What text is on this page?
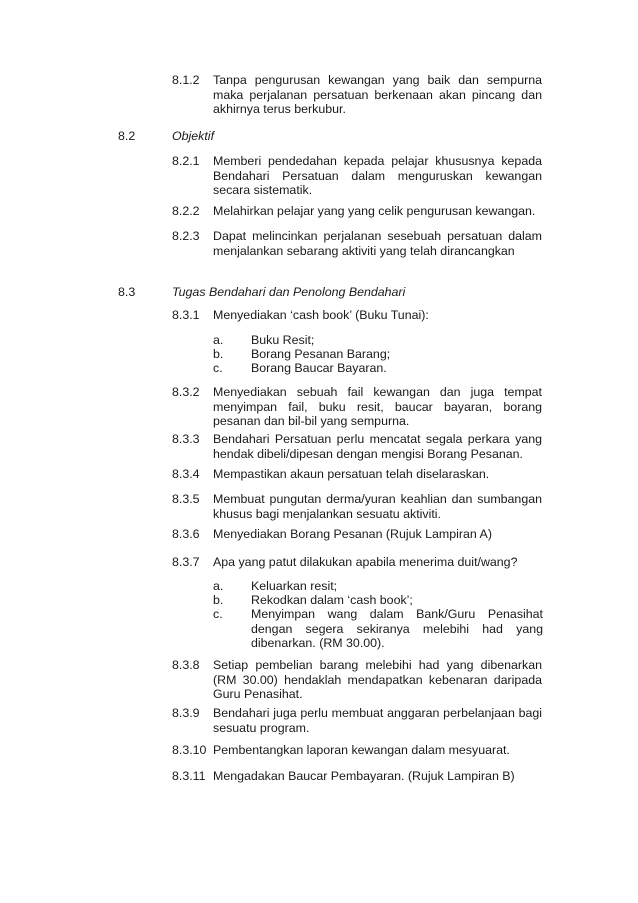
8.1.2 Tanpa pengurusan kewangan yang baik dan sempurna maka perjalanan persatuan berkenaan akan pincang dan akhirnya terus berkubur.
8.2	Objektif
8.2.1 Memberi pendedahan kepada pelajar khususnya kepada Bendahari Persatuan dalam menguruskan kewangan secara sistematik.
8.2.2 Melahirkan pelajar yang yang celik pengurusan kewangan.
8.2.3 Dapat melincinkan perjalanan sesebuah persatuan dalam menjalankan sebarang aktiviti yang telah dirancangkan
8.3	Tugas Bendahari dan Penolong Bendahari
8.3.1 Menyediakan ‘cash book’ (Buku Tunai):
a. Buku Resit;
b. Borang Pesanan Barang;
c. Borang Baucar Bayaran.
8.3.2 Menyediakan sebuah fail kewangan dan juga tempat menyimpan fail, buku resit, baucar bayaran, borang pesanan dan bil-bil yang sempurna.
8.3.3 Bendahari Persatuan perlu mencatat segala perkara yang hendak dibeli/dipesan dengan mengisi Borang Pesanan.
8.3.4 Mempastikan akaun persatuan telah diselaraskan.
8.3.5 Membuat pungutan derma/yuran keahlian dan sumbangan khusus bagi menjalankan sesuatu aktiviti.
8.3.6 Menyediakan Borang Pesanan (Rujuk Lampiran A)
8.3.7 Apa yang patut dilakukan apabila menerima duit/wang?
a. Keluarkan resit;
b. Rekodkan dalam ‘cash book’;
c. Menyimpan wang dalam Bank/Guru Penasihat dengan segera sekiranya melebihi had yang dibenarkan. (RM 30.00).
8.3.8 Setiap pembelian barang melebihi had yang dibenarkan (RM 30.00) hendaklah mendapatkan kebenaran daripada Guru Penasihat.
8.3.9 Bendahari juga perlu membuat anggaran perbelanjaan bagi sesuatu program.
8.3.10 Pembentangkan laporan kewangan dalam mesyuarat.
8.3.11 Mengadakan Baucar Pembayaran. (Rujuk Lampiran B)
